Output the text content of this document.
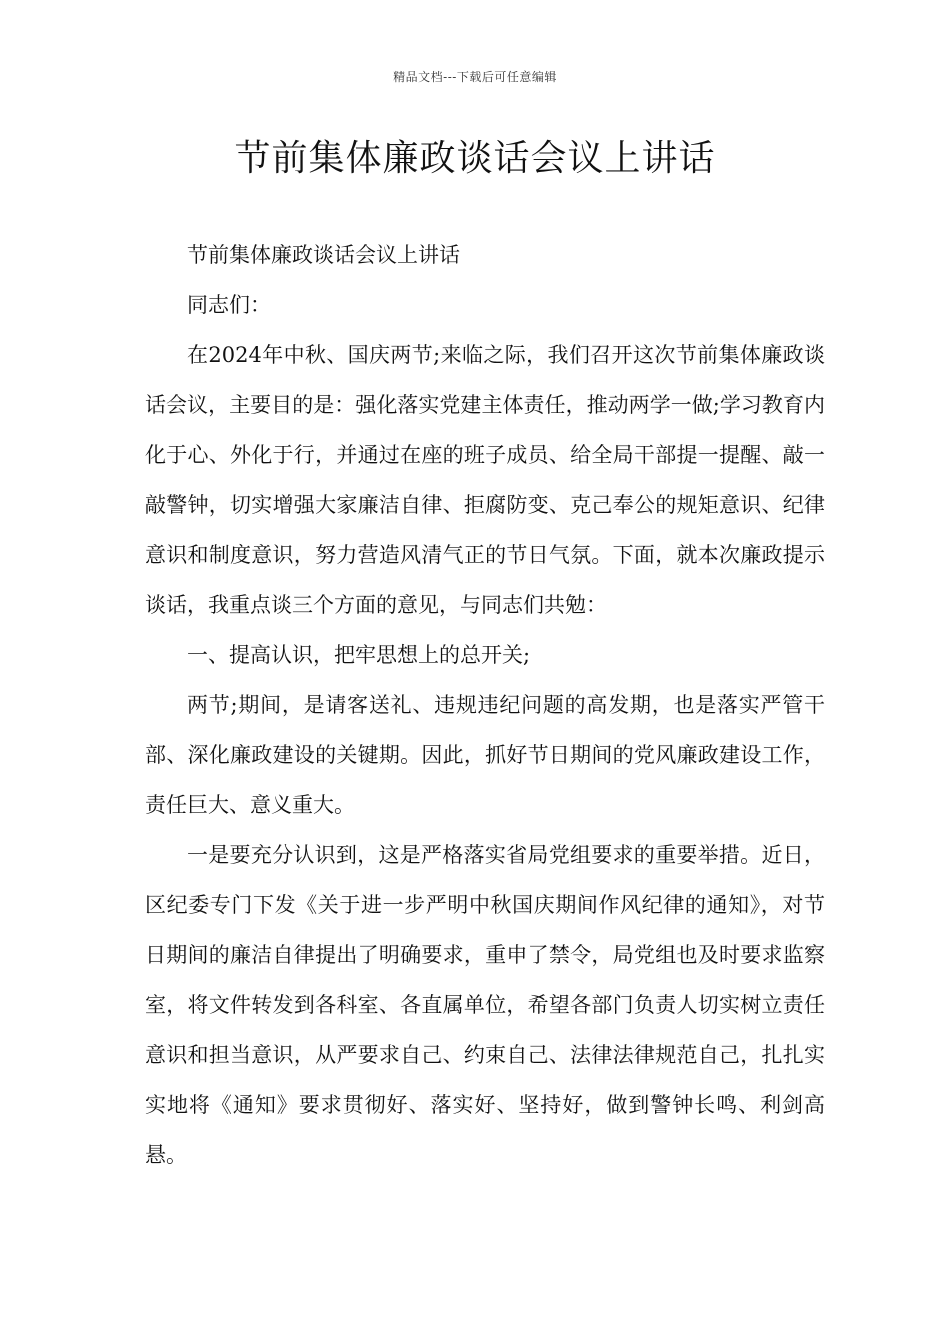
精品文档---下载后可任意编辑
节前集体廉政谈话会议上讲话

节前集体廉政谈话会议上讲话

同志们：

在2024年中秋、国庆两节;来临之际，我们召开这次节前集体廉政谈话会议，主要目的是：强化落实党建主体责任，推动两学一做;学习教育内化于心、外化于行，并通过在座的班子成员、给全局干部提一提醒、敲一敲警钟，切实增强大家廉洁自律、拒腐防变、克己奉公的规矩意识、纪律意识和制度意识，努力营造风清气正的节日气氛。下面，就本次廉政提示谈话，我重点谈三个方面的意见，与同志们共勉：

一、提高认识，把牢思想上的总开关;

两节;期间，是请客送礼、违规违纪问题的高发期，也是落实严管干部、深化廉政建设的关键期。因此，抓好节日期间的党风廉政建设工作，责任巨大、意义重大。

一是要充分认识到，这是严格落实省局党组要求的重要举措。近日，区纪委专门下发《关于进一步严明中秋国庆期间作风纪律的通知》，对节日期间的廉洁自律提出了明确要求，重申了禁令，局党组也及时要求监察室，将文件转发到各科室、各直属单位，希望各部门负责人切实树立责任意识和担当意识，从严要求自己、约束自己、法律法律规范自己，扎扎实实地将《通知》要求贯彻好、落实好、坚持好，做到警钟长鸣、利剑高悬。
